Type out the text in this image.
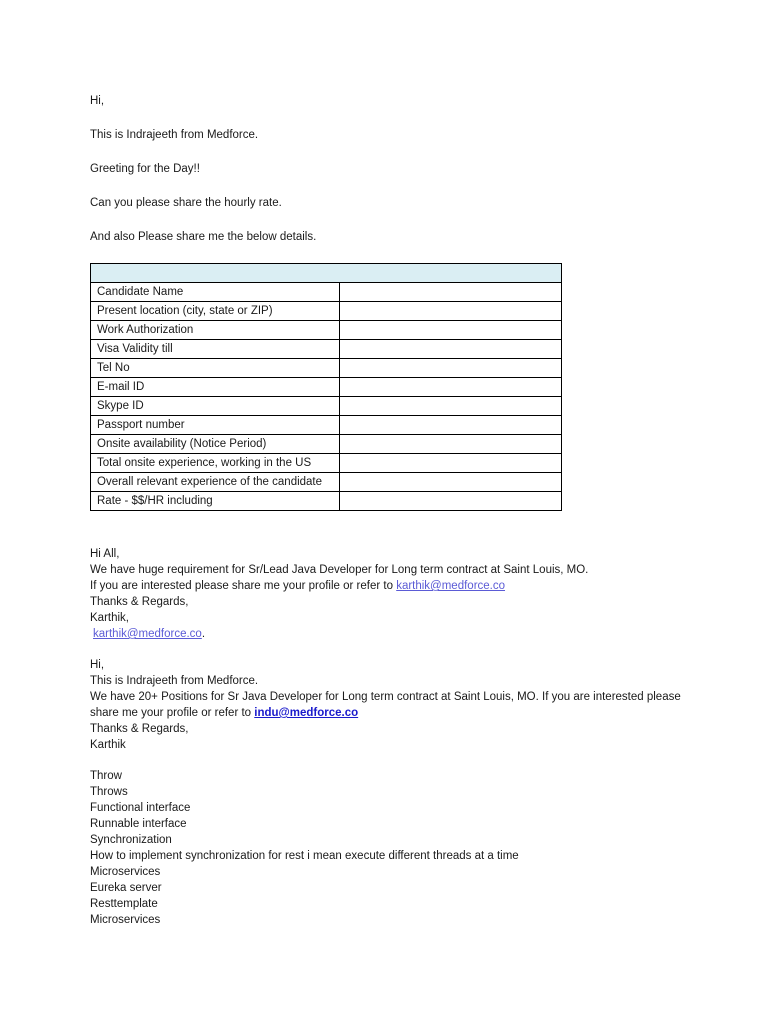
Hi,
This is Indrajeeth from Medforce.
Greeting for the Day!!
Can you please share the hourly rate.
And also Please share me the below details.

Candidate Name	
Present location (city, state or ZIP)	
Work Authorization	
Visa Validity till	
Tel No	
E-mail ID	
Skype ID	
Passport number	
Onsite availability (Notice Period)	
Total onsite experience, working in the US	
Overall relevant experience of the candidate	
Rate - $$/HR including	
Hi All,
We have huge requirement for Sr/Lead Java Developer for Long term contract at Saint Louis, MO.
If you are interested please share me your profile or refer to karthik@medforce.co
Thanks & Regards,
Karthik,
karthik@medforce.co.
Hi,
This is Indrajeeth from Medforce.
We have 20+ Positions for Sr Java Developer for Long term contract at Saint Louis, MO. If you are interested please
share me your profile or refer to indu@medforce.co
Thanks & Regards,
Karthik
Throw
Throws
Functional interface
Runnable interface
Synchronization
How to implement synchronization for rest i mean execute different threads at a time
Microservices
Eureka server
Resttemplate
Microservices
